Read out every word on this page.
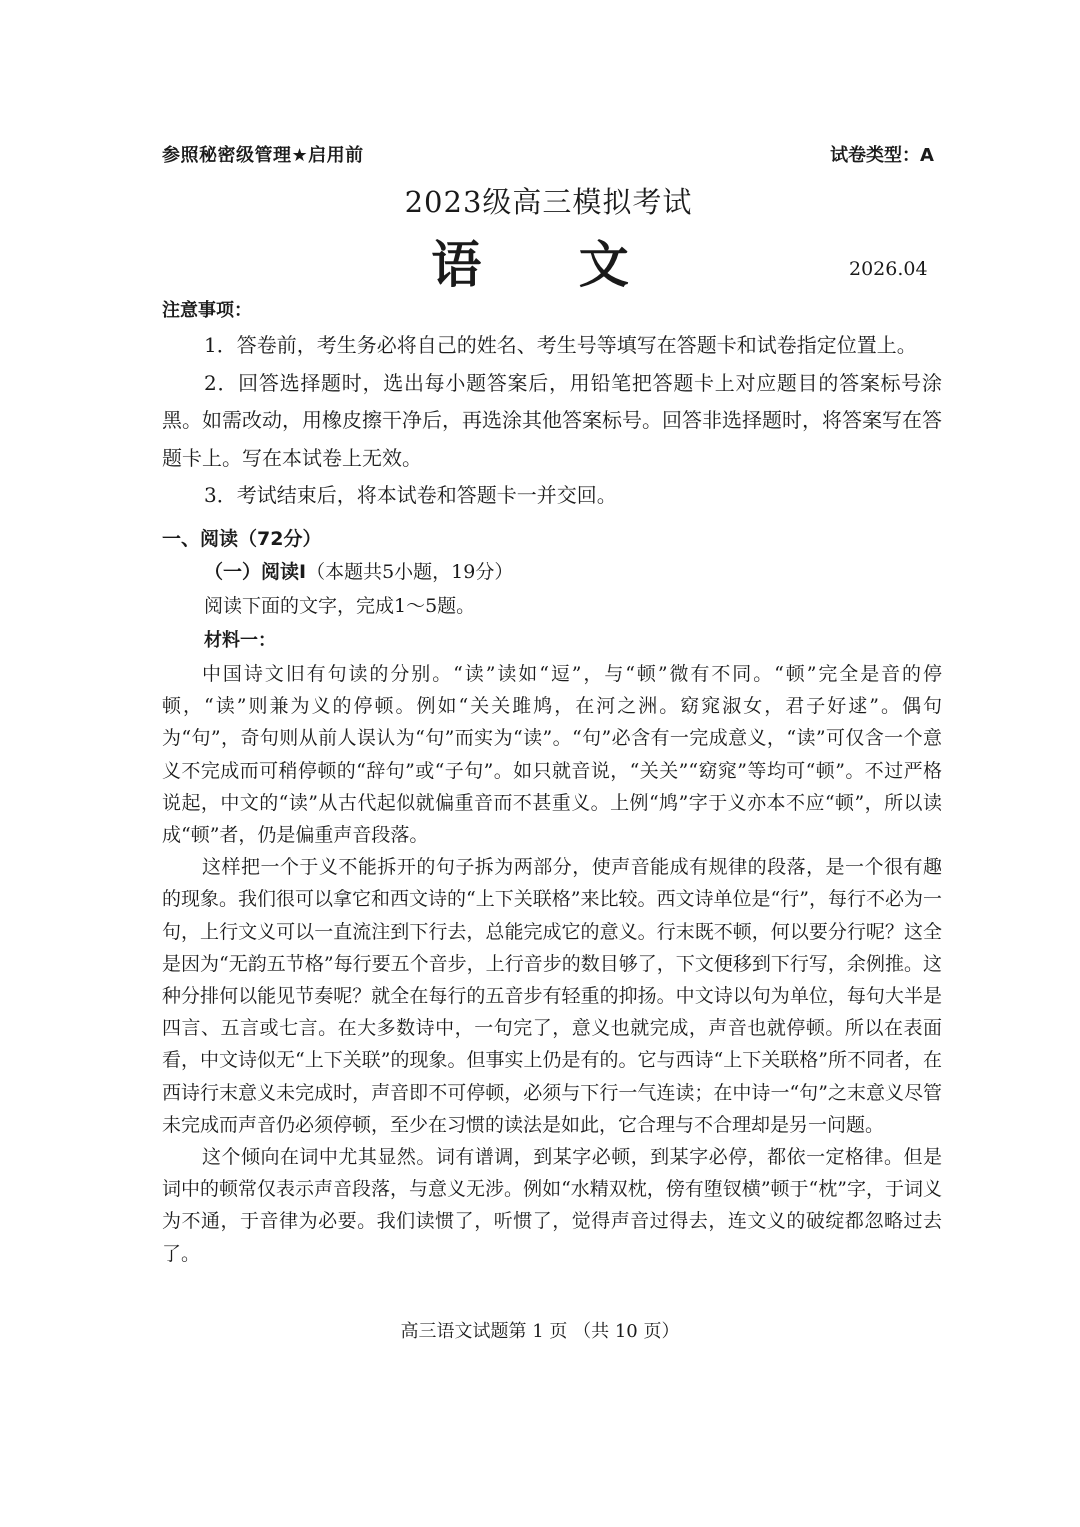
参照秘密级管理★启用前	试卷类型：A
2023级高三模拟考试
语 文	2026.04
注意事项：

1．答卷前，考生务必将自己的姓名、考生号等填写在答题卡和试卷指定位置上。

2．回答选择题时，选出每小题答案后，用铅笔把答题卡上对应题目的答案标号涂黑。如需改动，用橡皮擦干净后，再选涂其他答案标号。回答非选择题时，将答案写在答题卡上。写在本试卷上无效。

3．考试结束后，将本试卷和答题卡一并交回。

一、阅读（72分）
（一）阅读Ⅰ（本题共5小题，19分）
阅读下面的文字，完成1～5题。
材料一：

中国诗文旧有句读的分别。“读”读如“逗”，与“顿”微有不同。“顿”完全是音的停顿，“读”则兼为义的停顿。例如“关关雎鸠，在河之洲。窈窕淑女，君子好逑”。偶句为“句”，奇句则从前人误认为“句”而实为“读”。“句”必含有一完成意义，“读”可仅含一个意义不完成而可稍停顿的“辞句”或“子句”。如只就音说，“关关”“窈窕”等均可“顿”。不过严格说起，中文的“读”从古代起似就偏重音而不甚重义。上例“鸠”字于义亦本不应“顿”，所以读成“顿”者，仍是偏重声音段落。

这样把一个于义不能拆开的句子拆为两部分，使声音能成有规律的段落，是一个很有趣的现象。我们很可以拿它和西文诗的“上下关联格”来比较。西文诗单位是“行”，每行不必为一句，上行文义可以一直流注到下行去，总能完成它的意义。行末既不顿，何以要分行呢？这全是因为“无韵五节格”每行要五个音步，上行音步的数目够了，下文便移到下行写，余例推。这种分排何以能见节奏呢？就全在每行的五音步有轻重的抑扬。中文诗以句为单位，每句大半是四言、五言或七言。在大多数诗中，一句完了，意义也就完成，声音也就停顿。所以在表面看，中文诗似无“上下关联”的现象。但事实上仍是有的。它与西诗“上下关联格”所不同者，在西诗行末意义未完成时，声音即不可停顿，必须与下行一气连读；在中诗一“句”之末意义尽管未完成而声音仍必须停顿，至少在习惯的读法是如此，它合理与不合理却是另一问题。

这个倾向在词中尤其显然。词有谱调，到某字必顿，到某字必停，都依一定格律。但是词中的顿常仅表示声音段落，与意义无涉。例如“水精双枕，傍有堕钗横”顿于“枕”字，于词义为不通，于音律为必要。我们读惯了，听惯了，觉得声音过得去，连文义的破绽都忽略过去了。

高三语文试题第 1 页 （共 10 页）
